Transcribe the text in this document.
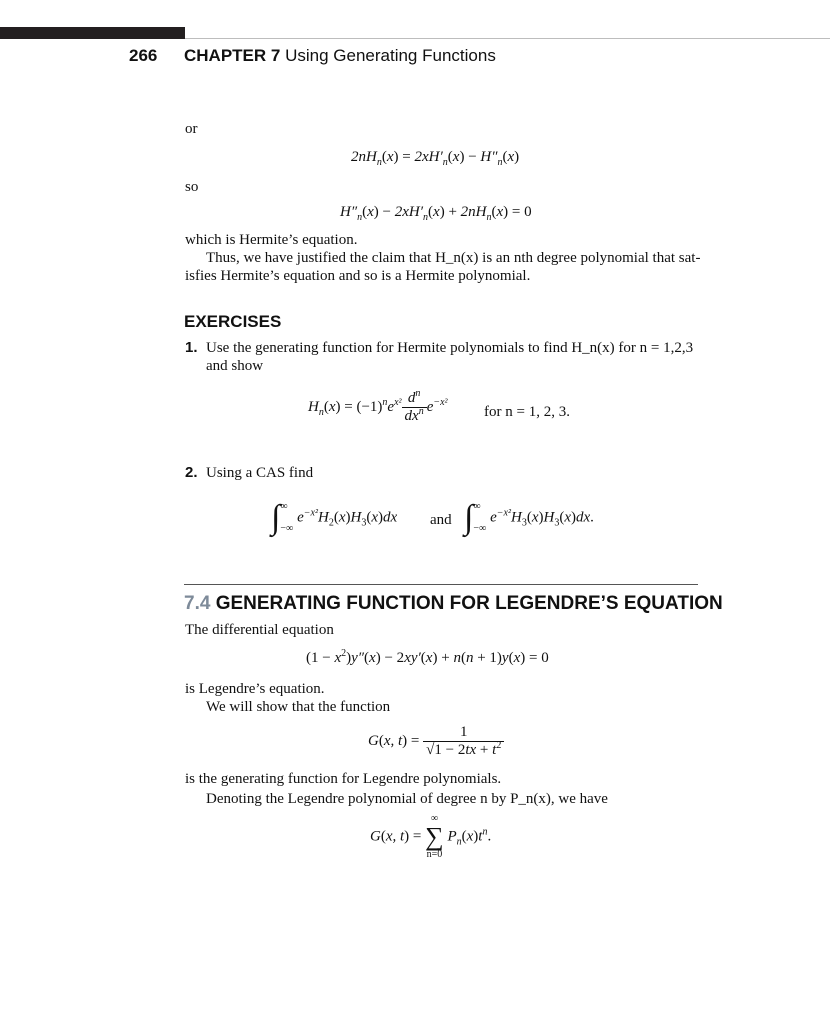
266 CHAPTER 7 Using Generating Functions
or
$2nH_n(x) = 2xH'_n(x) - H''_n(x)$
so
$H''_n(x) - 2xH'_n(x) + 2nH_n(x) = 0$
which is Hermite’s equation.
Thus, we have justified the claim that H_n(x) is an nth degree polynomial that sat-
isfies Hermite’s equation and so is a Hermite polynomial.
EXERCISES
1. Use the generating function for Hermite polynomials to find H_n(x) for n = 1,2,3
and show
$H_n(x) = (-1)^ne^{x^2} \frac{d^n}{dx^n} e^{-x^2}$
for n = 1, 2, 3.
2. Using a CAS find
∫∞
$-\infty e^{-x^2}H_2(x)H_3(x)dx$ and ∫∞
$-\infty e^{-x^2}H_3(x)H_3(x)dx$.
7.4 GENERATING FUNCTION FOR LEGENDRE’S EQUATION
The differential equation
$(1 - x^2)y''(x) - 2xy'(x) + n(n + 1)y(x) = 0$
is Legendre’s equation.
We will show that the function
G(x, $t) = \frac{1}{√1 - 2tx + t^2}$
is the generating function for Legendre polynomials.
Denoting the Legendre polynomial of degree n by P_n(x), we have
G(x, t) =
∞
∑
n=0
$P_n(x)t^n$.
